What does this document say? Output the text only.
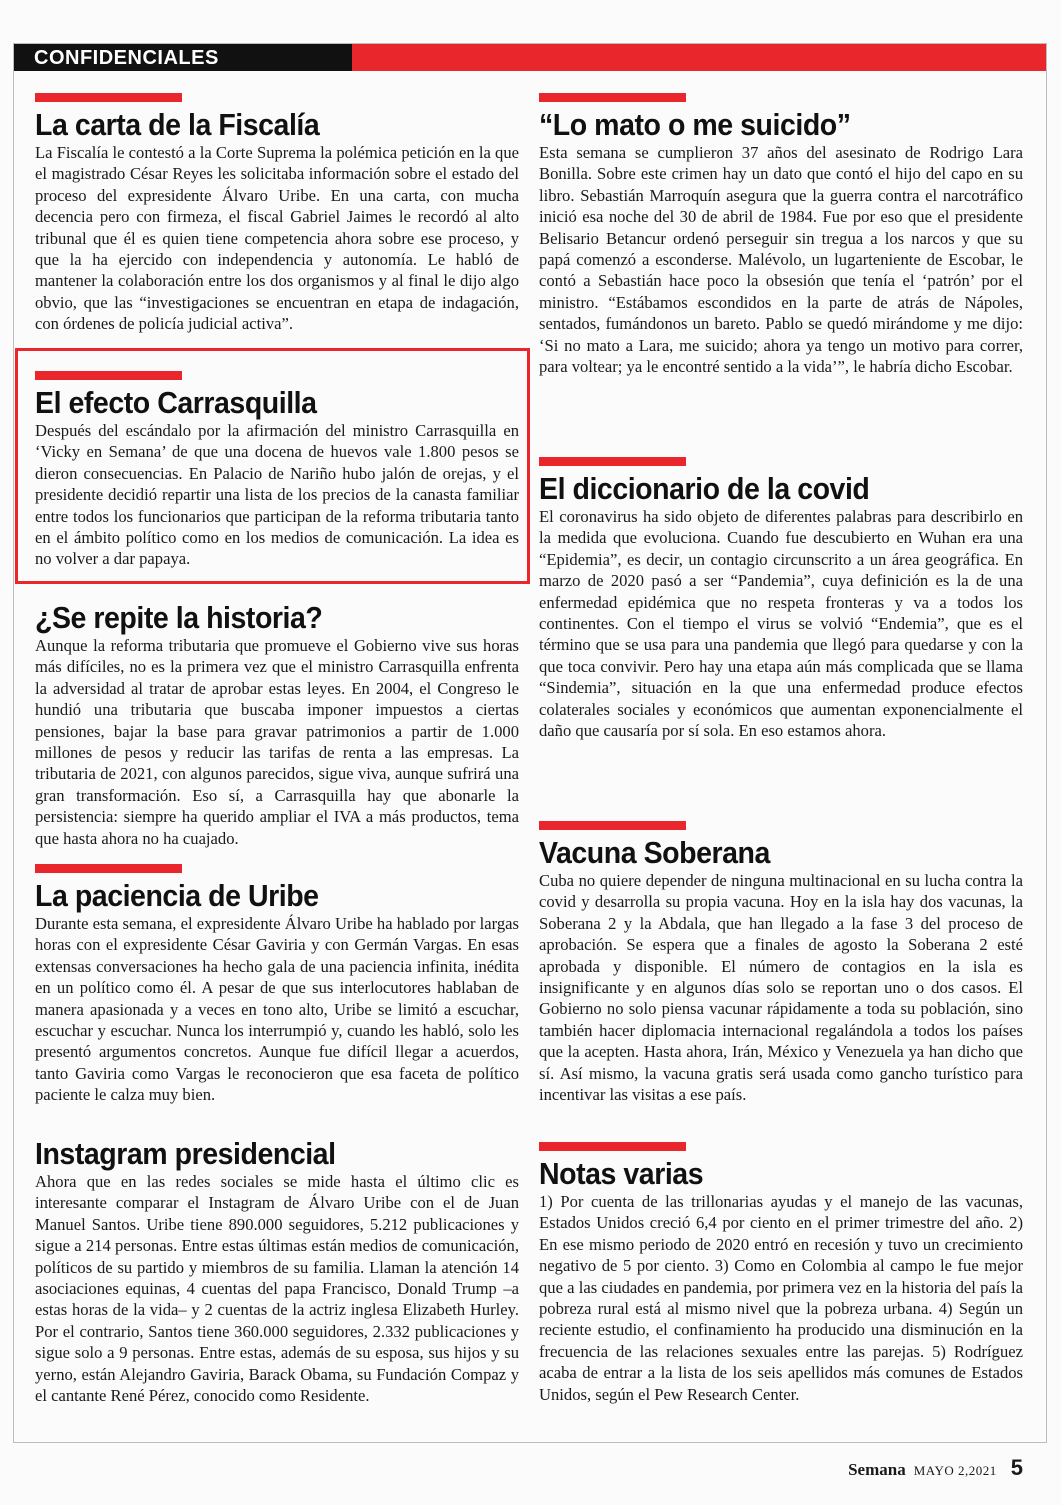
CONFIDENCIALES
La carta de la Fiscalía

La Fiscalía le contestó a la Corte Suprema la polémica petición en la que el magistrado César Reyes les solicitaba información sobre el estado del proceso del expresidente Álvaro Uribe. En una carta, con mucha decencia pero con firmeza, el fiscal Gabriel Jaimes le recordó al alto tribunal que él es quien tiene competencia ahora sobre ese proceso, y que la ha ejercido con independencia y autonomía. Le habló de mantener la colaboración entre los dos organismos y al final le dijo algo obvio, que las “investigaciones se encuentran en etapa de indagación, con órdenes de policía judicial activa”.

El efecto Carrasquilla

Después del escándalo por la afirmación del ministro Carrasquilla en ‘Vicky en Semana’ de que una docena de huevos vale 1.800 pesos se dieron consecuencias. En Palacio de Nariño hubo jalón de orejas, y el presidente decidió repartir una lista de los precios de la canasta familiar entre todos los funcionarios que participan de la reforma tributaria tanto en el ámbito político como en los medios de comunicación. La idea es no volver a dar papaya.

¿Se repite la historia?

Aunque la reforma tributaria que promueve el Gobierno vive sus horas más difíciles, no es la primera vez que el ministro Carrasquilla enfrenta la adversidad al tratar de aprobar estas leyes. En 2004, el Congreso le hundió una tributaria que buscaba imponer impuestos a ciertas pensiones, bajar la base para gravar patrimonios a partir de 1.000 millones de pesos y reducir las tarifas de renta a las empresas. La tributaria de 2021, con algunos parecidos, sigue viva, aunque sufrirá una gran transformación. Eso sí, a Carrasquilla hay que abonarle la persistencia: siempre ha querido ampliar el IVA a más productos, tema que hasta ahora no ha cuajado.

La paciencia de Uribe

Durante esta semana, el expresidente Álvaro Uribe ha hablado por largas horas con el expresidente César Gaviria y con Germán Vargas. En esas extensas conversaciones ha hecho gala de una paciencia infinita, inédita en un político como él. A pesar de que sus interlocutores hablaban de manera apasionada y a veces en tono alto, Uribe se limitó a escuchar, escuchar y escuchar. Nunca los interrumpió y, cuando les habló, solo les presentó argumentos concretos. Aunque fue difícil llegar a acuerdos, tanto Gaviria como Vargas le reconocieron que esa faceta de político paciente le calza muy bien.

Instagram presidencial

Ahora que en las redes sociales se mide hasta el último clic es interesante comparar el Instagram de Álvaro Uribe con el de Juan Manuel Santos. Uribe tiene 890.000 seguidores, 5.212 publicaciones y sigue a 214 personas. Entre estas últimas están medios de comunicación, políticos de su partido y miembros de su familia. Llaman la atención 14 asociaciones equinas, 4 cuentas del papa Francisco, Donald Trump –a estas horas de la vida– y 2 cuentas de la actriz inglesa Elizabeth Hurley. Por el contrario, Santos tiene 360.000 seguidores, 2.332 publicaciones y sigue solo a 9 personas. Entre estas, además de su esposa, sus hijos y su yerno, están Alejandro Gaviria, Barack Obama, su Fundación Compaz y el cantante René Pérez, conocido como Residente.

“Lo mato o me suicido”

Esta semana se cumplieron 37 años del asesinato de Rodrigo Lara Bonilla. Sobre este crimen hay un dato que contó el hijo del capo en su libro. Sebastián Marroquín asegura que la guerra contra el narcotráfico inició esa noche del 30 de abril de 1984. Fue por eso que el presidente Belisario Betancur ordenó perseguir sin tregua a los narcos y que su papá comenzó a esconderse. Malévolo, un lugarteniente de Escobar, le contó a Sebastián hace poco la obsesión que tenía el ‘patrón’ por el ministro. “Estábamos escondidos en la parte de atrás de Nápoles, sentados, fumándonos un bareto. Pablo se quedó mirándome y me dijo: ‘Si no mato a Lara, me suicido; ahora ya tengo un motivo para correr, para voltear; ya le encontré sentido a la vida’”, le habría dicho Escobar.

El diccionario de la covid

El coronavirus ha sido objeto de diferentes palabras para describirlo en la medida que evoluciona. Cuando fue descubierto en Wuhan era una “Epidemia”, es decir, un contagio circunscrito a un área geográfica. En marzo de 2020 pasó a ser “Pandemia”, cuya definición es la de una enfermedad epidémica que no respeta fronteras y va a todos los continentes. Con el tiempo el virus se volvió “Endemia”, que es el término que se usa para una pandemia que llegó para quedarse y con la que toca convivir. Pero hay una etapa aún más complicada que se llama “Sindemia”, situación en la que una enfermedad produce efectos colaterales sociales y económicos que aumentan exponencialmente el daño que causaría por sí sola. En eso estamos ahora.

Vacuna Soberana

Cuba no quiere depender de ninguna multinacional en su lucha contra la covid y desarrolla su propia vacuna. Hoy en la isla hay dos vacunas, la Soberana 2 y la Abdala, que han llegado a la fase 3 del proceso de aprobación. Se espera que a finales de agosto la Soberana 2 esté aprobada y disponible. El número de contagios en la isla es insignificante y en algunos días solo se reportan uno o dos casos. El Gobierno no solo piensa vacunar rápidamente a toda su población, sino también hacer diplomacia internacional regalándola a todos los países que la acepten. Hasta ahora, Irán, México y Venezuela ya han dicho que sí. Así mismo, la vacuna gratis será usada como gancho turístico para incentivar las visitas a ese país.

Notas varias

1) Por cuenta de las trillonarias ayudas y el manejo de las vacunas, Estados Unidos creció 6,4 por ciento en el primer trimestre del año. 2) En ese mismo periodo de 2020 entró en recesión y tuvo un crecimiento negativo de 5 por ciento. 3) Como en Colombia al campo le fue mejor que a las ciudades en pandemia, por primera vez en la historia del país la pobreza rural está al mismo nivel que la pobreza urbana. 4) Según un reciente estudio, el confinamiento ha producido una disminución en la frecuencia de las relaciones sexuales entre las parejas. 5) Rodríguez acaba de entrar a la lista de los seis apellidos más comunes de Estados Unidos, según el Pew Research Center.

Semana MAYO 2,2021 5
